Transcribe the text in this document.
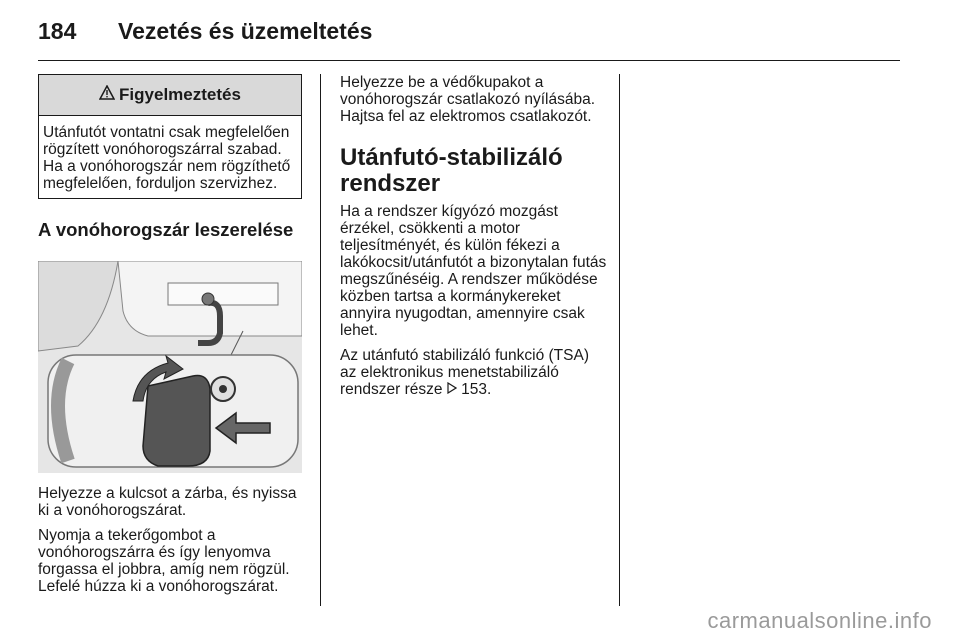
184	Vezetés és üzemeltetés
Figyelmeztetés
Utánfutót vontatni csak megfelelően rögzített vonóhorogszárral szabad. Ha a vonóhorogszár nem rögzíthető megfelelően, forduljon szervizhez.
A vonóhorogszár leszerelése
Helyezze a kulcsot a zárba, és nyissa ki a vonóhorogszárat.
Nyomja a tekerőgombot a vonóhorogszárra és így lenyomva forgassa el jobbra, amíg nem rögzül. Lefelé húzza ki a vonóhorogszárat.
Helyezze be a védőkupakot a vonóhorogszár csatlakozó nyílásába. Hajtsa fel az elektromos csatlakozót.
Utánfutó-stabilizáló rendszer
Ha a rendszer kígyózó mozgást érzékel, csökkenti a motor teljesítményét, és külön fékezi a lakókocsit/utánfutót a bizonytalan futás megszűnéséig. A rendszer működése közben tartsa a kormánykereket annyira nyugodtan, amennyire csak lehet.
Az utánfutó stabilizáló funkció (TSA) az elektronikus menetstabilizáló rendszer része 153.
carmanualsonline.info
